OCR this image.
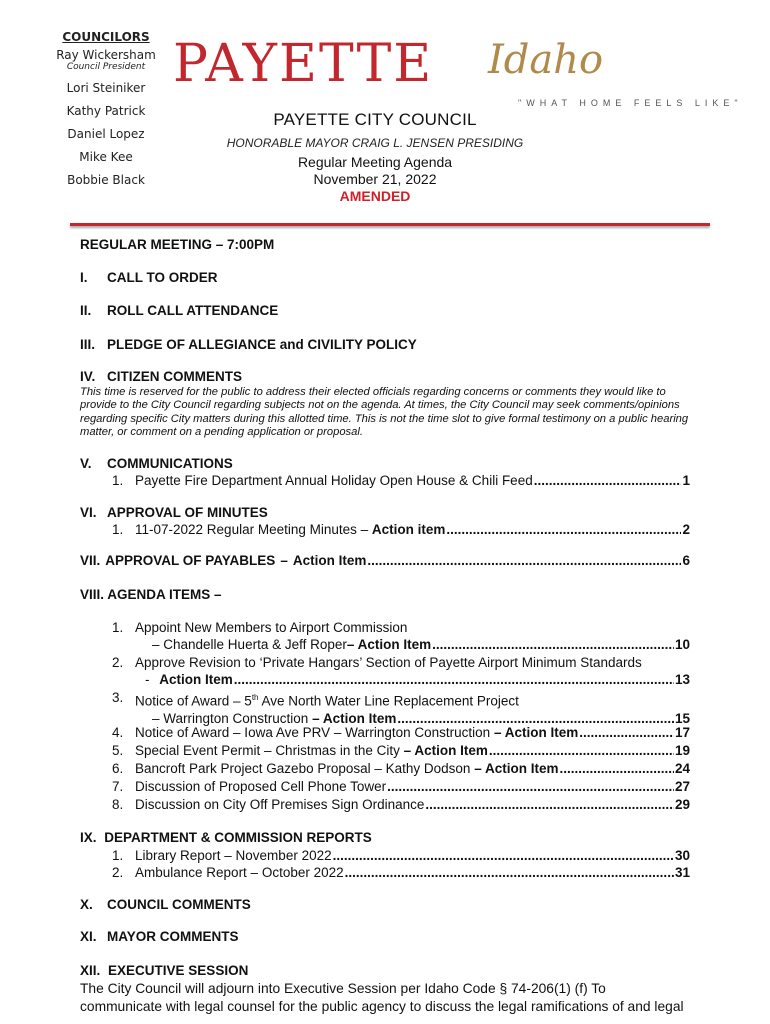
COUNCILORS
Ray Wickersham
Council President
Lori Steiniker
Kathy Patrick
Daniel Lopez
Mike Kee
Bobbie Black
PAYETTE Idaho
"WHAT HOME FEELS LIKE"
PAYETTE CITY COUNCIL
HONORABLE MAYOR CRAIG L. JENSEN PRESIDING
Regular Meeting Agenda
November 21, 2022
AMENDED
REGULAR MEETING – 7:00PM
I. CALL TO ORDER
II. ROLL CALL ATTENDANCE
III. PLEDGE OF ALLEGIANCE and CIVILITY POLICY
IV. CITIZEN COMMENTS
This time is reserved for the public to address their elected officials regarding concerns or comments they would like to provide to the City Council regarding subjects not on the agenda. At times, the City Council may seek comments/opinions regarding specific City matters during this allotted time. This is not the time slot to give formal testimony on a public hearing matter, or comment on a pending application or proposal.
V. COMMUNICATIONS
1. Payette Fire Department Annual Holiday Open House & Chili Feed .....	1
VI. APPROVAL OF MINUTES
1. 11-07-2022 Regular Meeting Minutes – Action item .....	2
VII. APPROVAL OF PAYABLES – Action Item .....	6
VIII. AGENDA ITEMS –
1. Appoint New Members to Airport Commission
– Chandelle Huerta & Jeff Roper – Action Item .....	10
2. Approve Revision to ‘Private Hangars’ Section of Payette Airport Minimum Standards
- Action Item .....	13
3. Notice of Award – 5th Ave North Water Line Replacement Project
– Warrington Construction – Action Item .....	15
4. Notice of Award – Iowa Ave PRV – Warrington Construction – Action Item .....	17
5. Special Event Permit – Christmas in the City – Action Item .....	19
6. Bancroft Park Project Gazebo Proposal – Kathy Dodson – Action Item .....	24
7. Discussion of Proposed Cell Phone Tower .....	27
8. Discussion on City Off Premises Sign Ordinance .....	29
IX. DEPARTMENT & COMMISSION REPORTS
1. Library Report – November 2022 .....	30
2. Ambulance Report – October 2022 .....	31
X. COUNCIL COMMENTS
XI. MAYOR COMMENTS
XII. EXECUTIVE SESSION
The City Council will adjourn into Executive Session per Idaho Code § 74-206(1) (f) To
communicate with legal counsel for the public agency to discuss the legal ramifications of and legal
